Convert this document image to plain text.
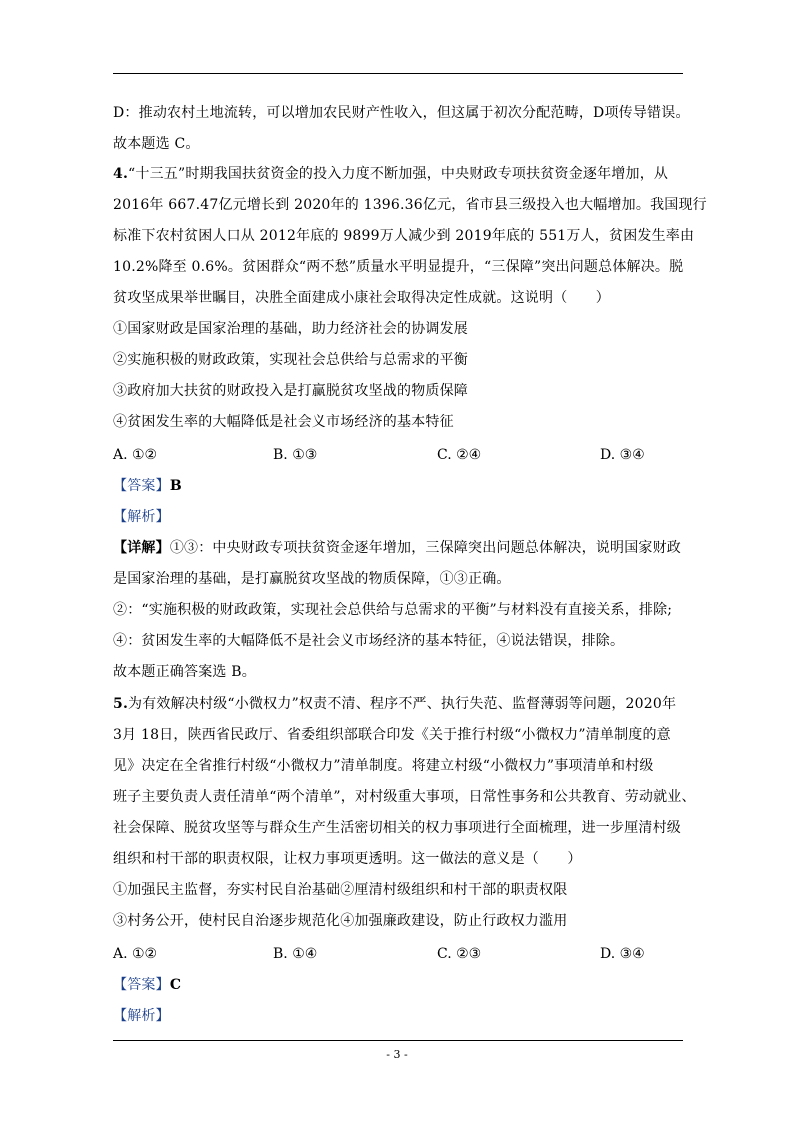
D：推动农村土地流转，可以增加农民财产性收入，但这属于初次分配范畴，D项传导错误。
故本题选 C。
4.“十三五”时期我国扶贫资金的投入力度不断加强，中央财政专项扶贫资金逐年增加，从
2016年 667.47亿元增长到 2020年的 1396.36亿元，省市县三级投入也大幅增加。我国现行
标准下农村贫困人口从 2012年底的 9899万人减少到 2019年底的 551万人，贫困发生率由
10.2%降至 0.6%。贫困群众“两不愁”质量水平明显提升，“三保障”突出问题总体解决。脱
贫攻坚成果举世瞩目，决胜全面建成小康社会取得决定性成就。这说明（　　）
①国家财政是国家治理的基础，助力经济社会的协调发展
②实施积极的财政政策，实现社会总供给与总需求的平衡
③政府加大扶贫的财政投入是打赢脱贫攻坚战的物质保障
④贫困发生率的大幅降低是社会义市场经济的基本特征
A. ①②	B. ①③	C. ②④	D. ③④
【答案】B
【解析】
【详解】①③：中央财政专项扶贫资金逐年增加，三保障突出问题总体解决，说明国家财政
是国家治理的基础，是打赢脱贫攻坚战的物质保障，①③正确。
②：“实施积极的财政政策，实现社会总供给与总需求的平衡”与材料没有直接关系，排除;
④：贫困发生率的大幅降低不是社会义市场经济的基本特征，④说法错误，排除。
故本题正确答案选 B。
5.为有效解决村级“小微权力”权责不清、程序不严、执行失范、监督薄弱等问题，2020年
3月 18日，陕西省民政厅、省委组织部联合印发《关于推行村级“小微权力”清单制度的意
见》决定在全省推行村级“小微权力”清单制度。将建立村级“小微权力”事项清单和村级
班子主要负责人责任清单“两个清单”，对村级重大事项，日常性事务和公共教育、劳动就业、
社会保障、脱贫攻坚等与群众生产生活密切相关的权力事项进行全面梳理，进一步厘清村级
组织和村干部的职责权限，让权力事项更透明。这一做法的意义是（　　）
①加强民主监督，夯实村民自治基础②厘清村级组织和村干部的职责权限
③村务公开，使村民自治逐步规范化④加强廉政建设，防止行政权力滥用
A. ①②	B. ①④	C. ②③	D. ③④
【答案】C
【解析】
- 3 -
